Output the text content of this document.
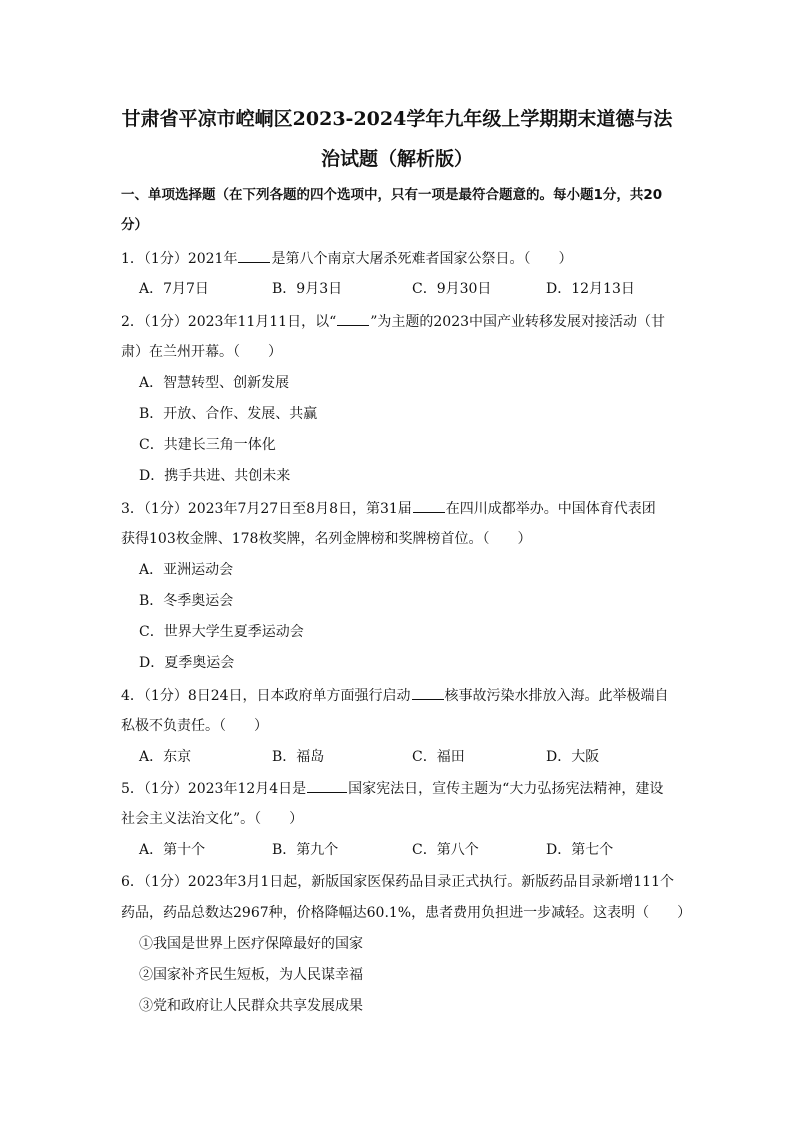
甘肃省平凉市崆峒区2023-2024学年九年级上学期期末道德与法
治试题（解析版）
一、单项选择题（在下列各题的四个选项中，只有一项是最符合题意的。每小题1分，共20
分）
1．（1分）2021年 是第八个南京大屠杀死难者国家公祭日。（　　）
A．7月7日	B．9月3日	C．9月30日	D．12月13日
2．（1分）2023年11月11日，以“ ”为主题的2023中国产业转移发展对接活动（甘
肃）在兰州开幕。（　　）
A．智慧转型、创新发展
B．开放、合作、发展、共赢
C．共建长三角一体化
D．携手共进、共创未来
3．（1分）2023年7月27日至8月8日，第31届 在四川成都举办。中国体育代表团
获得103枚金牌、178枚奖牌，名列金牌榜和奖牌榜首位。（　　）
A．亚洲运动会
B．冬季奥运会
C．世界大学生夏季运动会
D．夏季奥运会
4．（1分）8日24日，日本政府单方面强行启动 核事故污染水排放入海。此举极端自
私极不负责任。（　　）
A．东京	B．福岛	C．福田	D．大阪
5．（1分）2023年12月4日是	国家宪法日，宣传主题为“大力弘扬宪法精神，建设
社会主义法治文化”。（　　）
A．第十个	B．第九个	C．第八个	D．第七个
6．（1分）2023年3月1日起，新版国家医保药品目录正式执行。新版药品目录新增111个
药品，药品总数达2967种，价格降幅达60.1%，患者费用负担进一步减轻。这表明（　　）
①我国是世界上医疗保障最好的国家
②国家补齐民生短板，为人民谋幸福
③党和政府让人民群众共享发展成果
